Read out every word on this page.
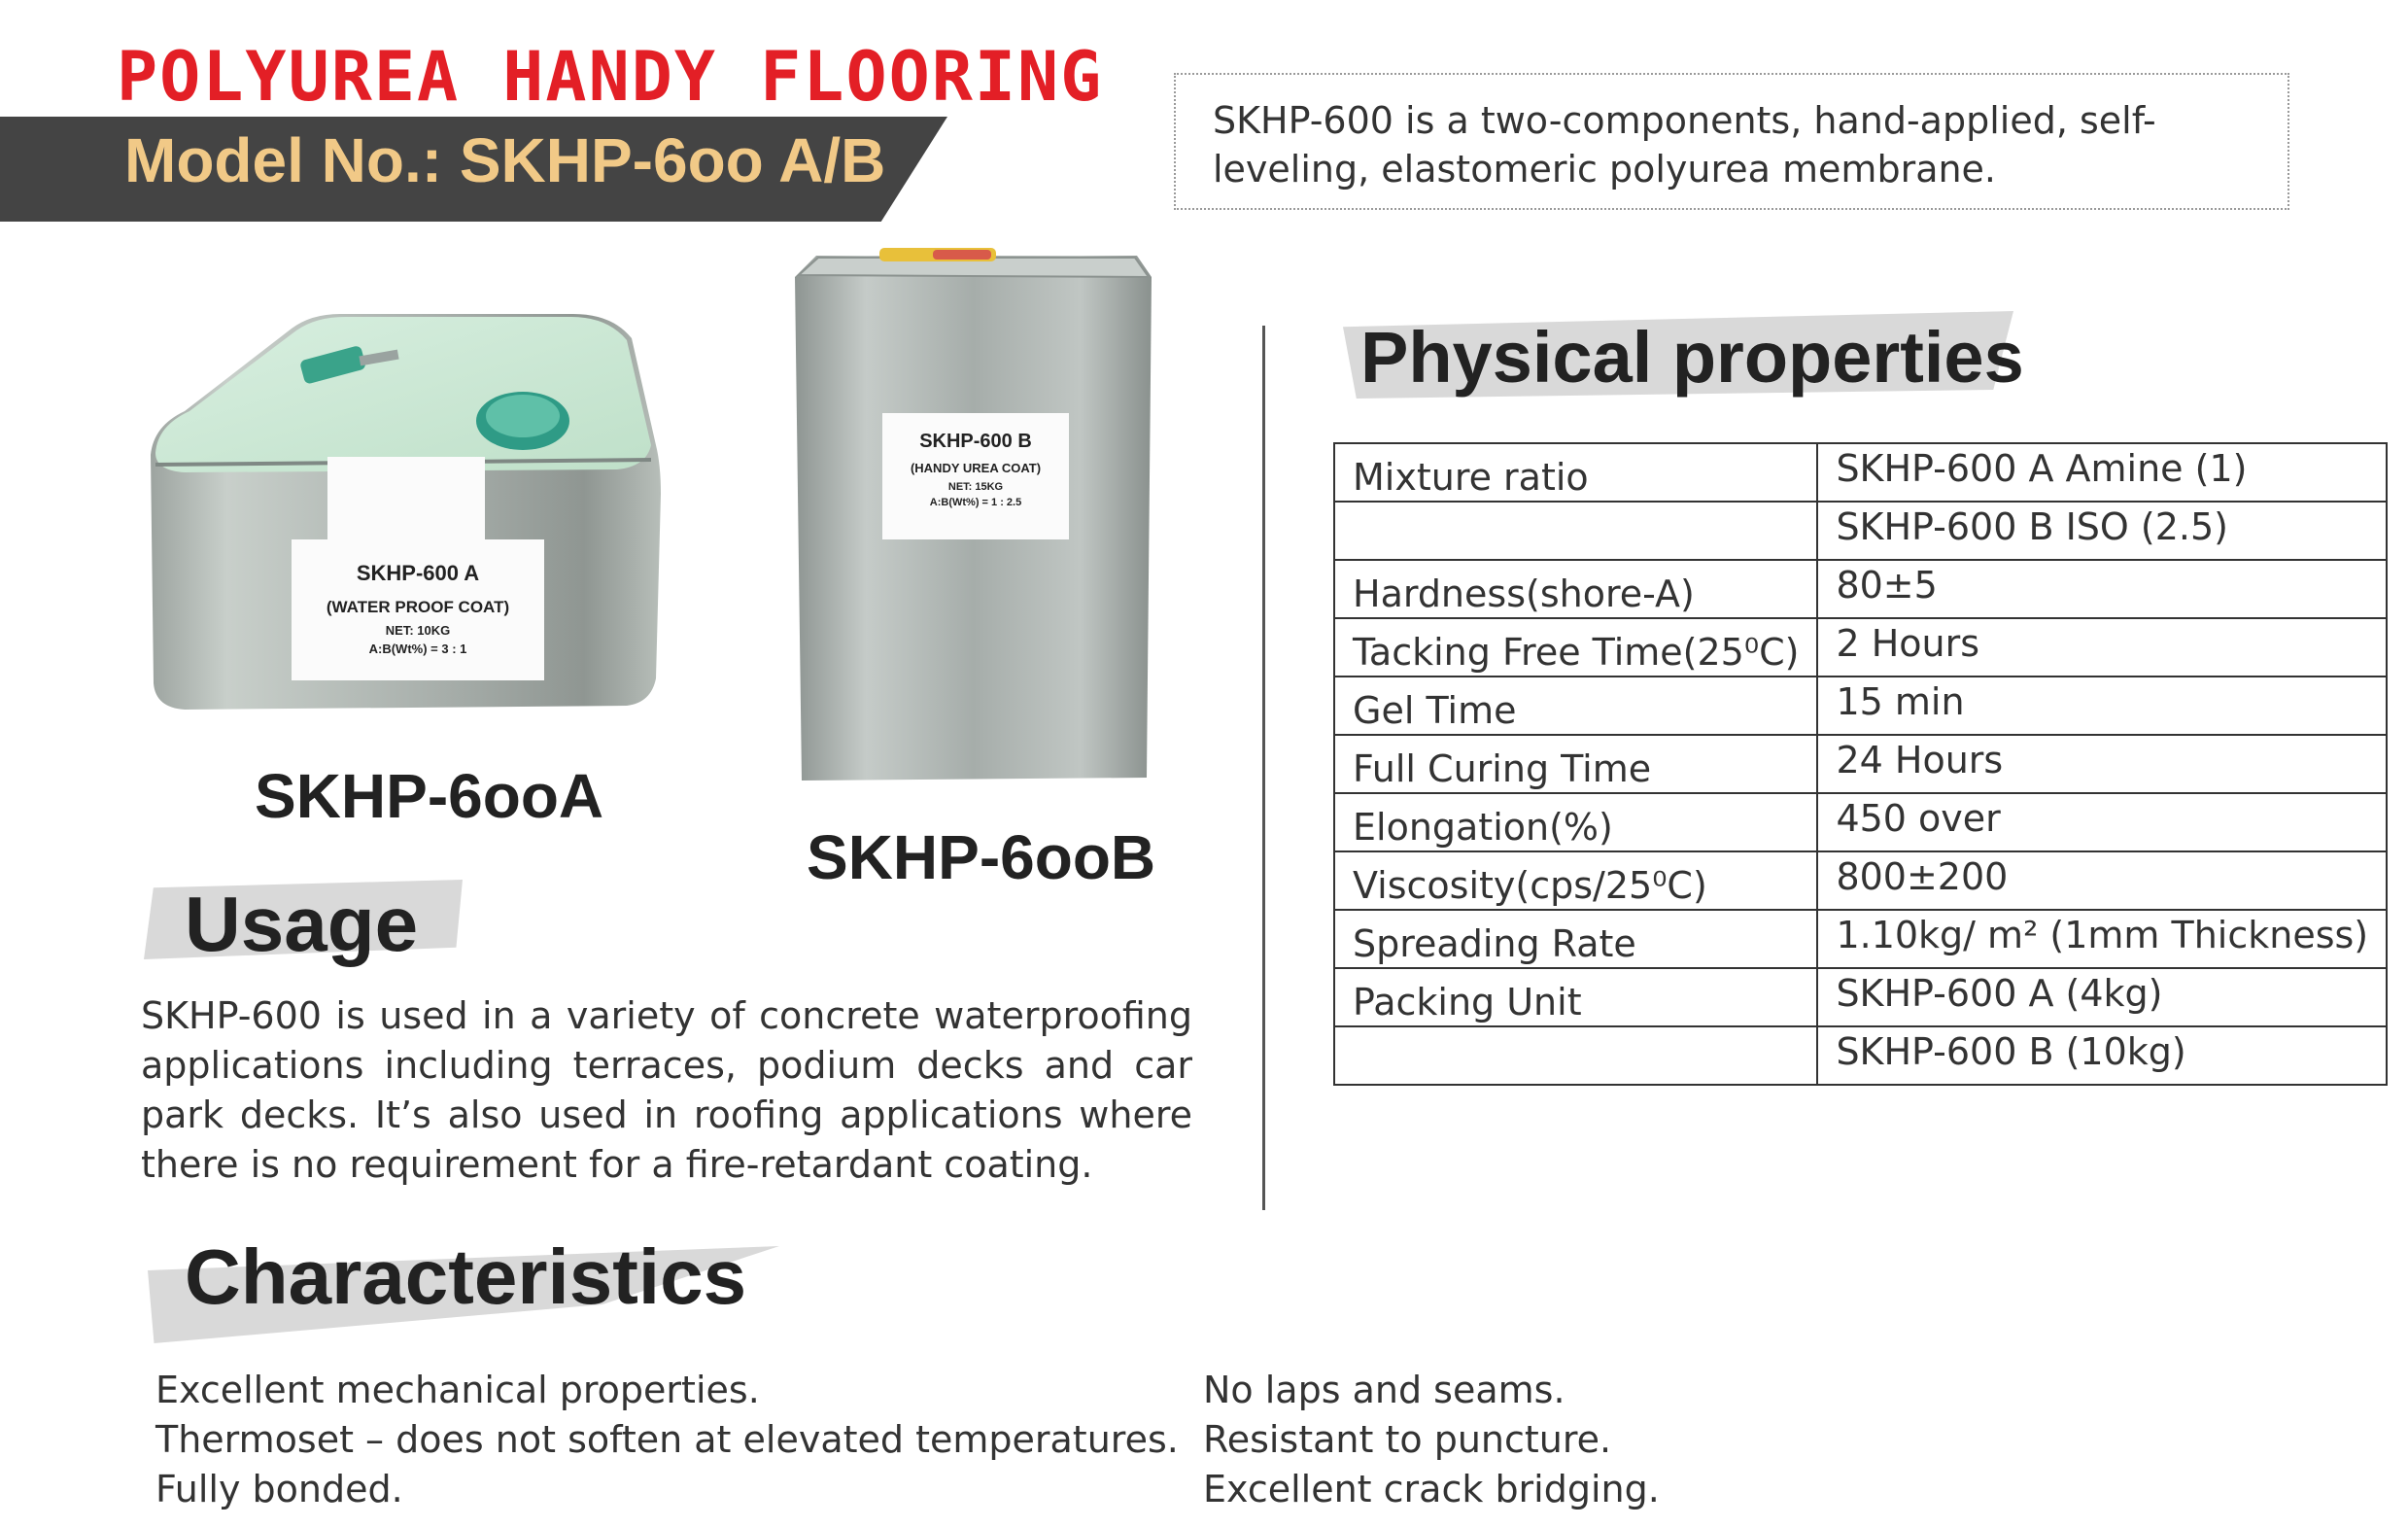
POLYUREA HANDY FLOORING
Model No.: SKHP-6oo A/B
SKHP-600 is a two-components, hand-applied, self-leveling, elastomeric polyurea membrane.
SKHP-600 A
(WATER PROOF COAT)
NET: 10KG
A:B(Wt%) = 3 : 1
SKHP-600 B
(HANDY UREA COAT)
NET: 15KG
A:B(Wt%) = 1 : 2.5
SKHP-6ooA
SKHP-6ooB
Usage
SKHP-600 is used in a variety of concrete waterproofing applications including terraces, podium decks and car park decks. It’s also used in roofing applications where there is no requirement for a fire-retardant coating.
Physical properties
Mixture ratio	SKHP-600 A Amine (1)
	SKHP-600 B ISO (2.5)
Hardness(shore-A)	80±5
Tacking Free Time(25⁰C)	2 Hours
Gel Time	15 min
Full Curing Time	24 Hours
Elongation(%)	450 over
Viscosity(cps/25⁰C)	800±200
Spreading Rate	1.10kg/ m² (1mm Thickness)
Packing Unit	SKHP-600 A (4kg)
	SKHP-600 B (10kg)
Characteristics
Excellent mechanical properties.
Thermoset – does not soften at elevated temperatures.
Fully bonded.
No laps and seams.
Resistant to puncture.
Excellent crack bridging.
